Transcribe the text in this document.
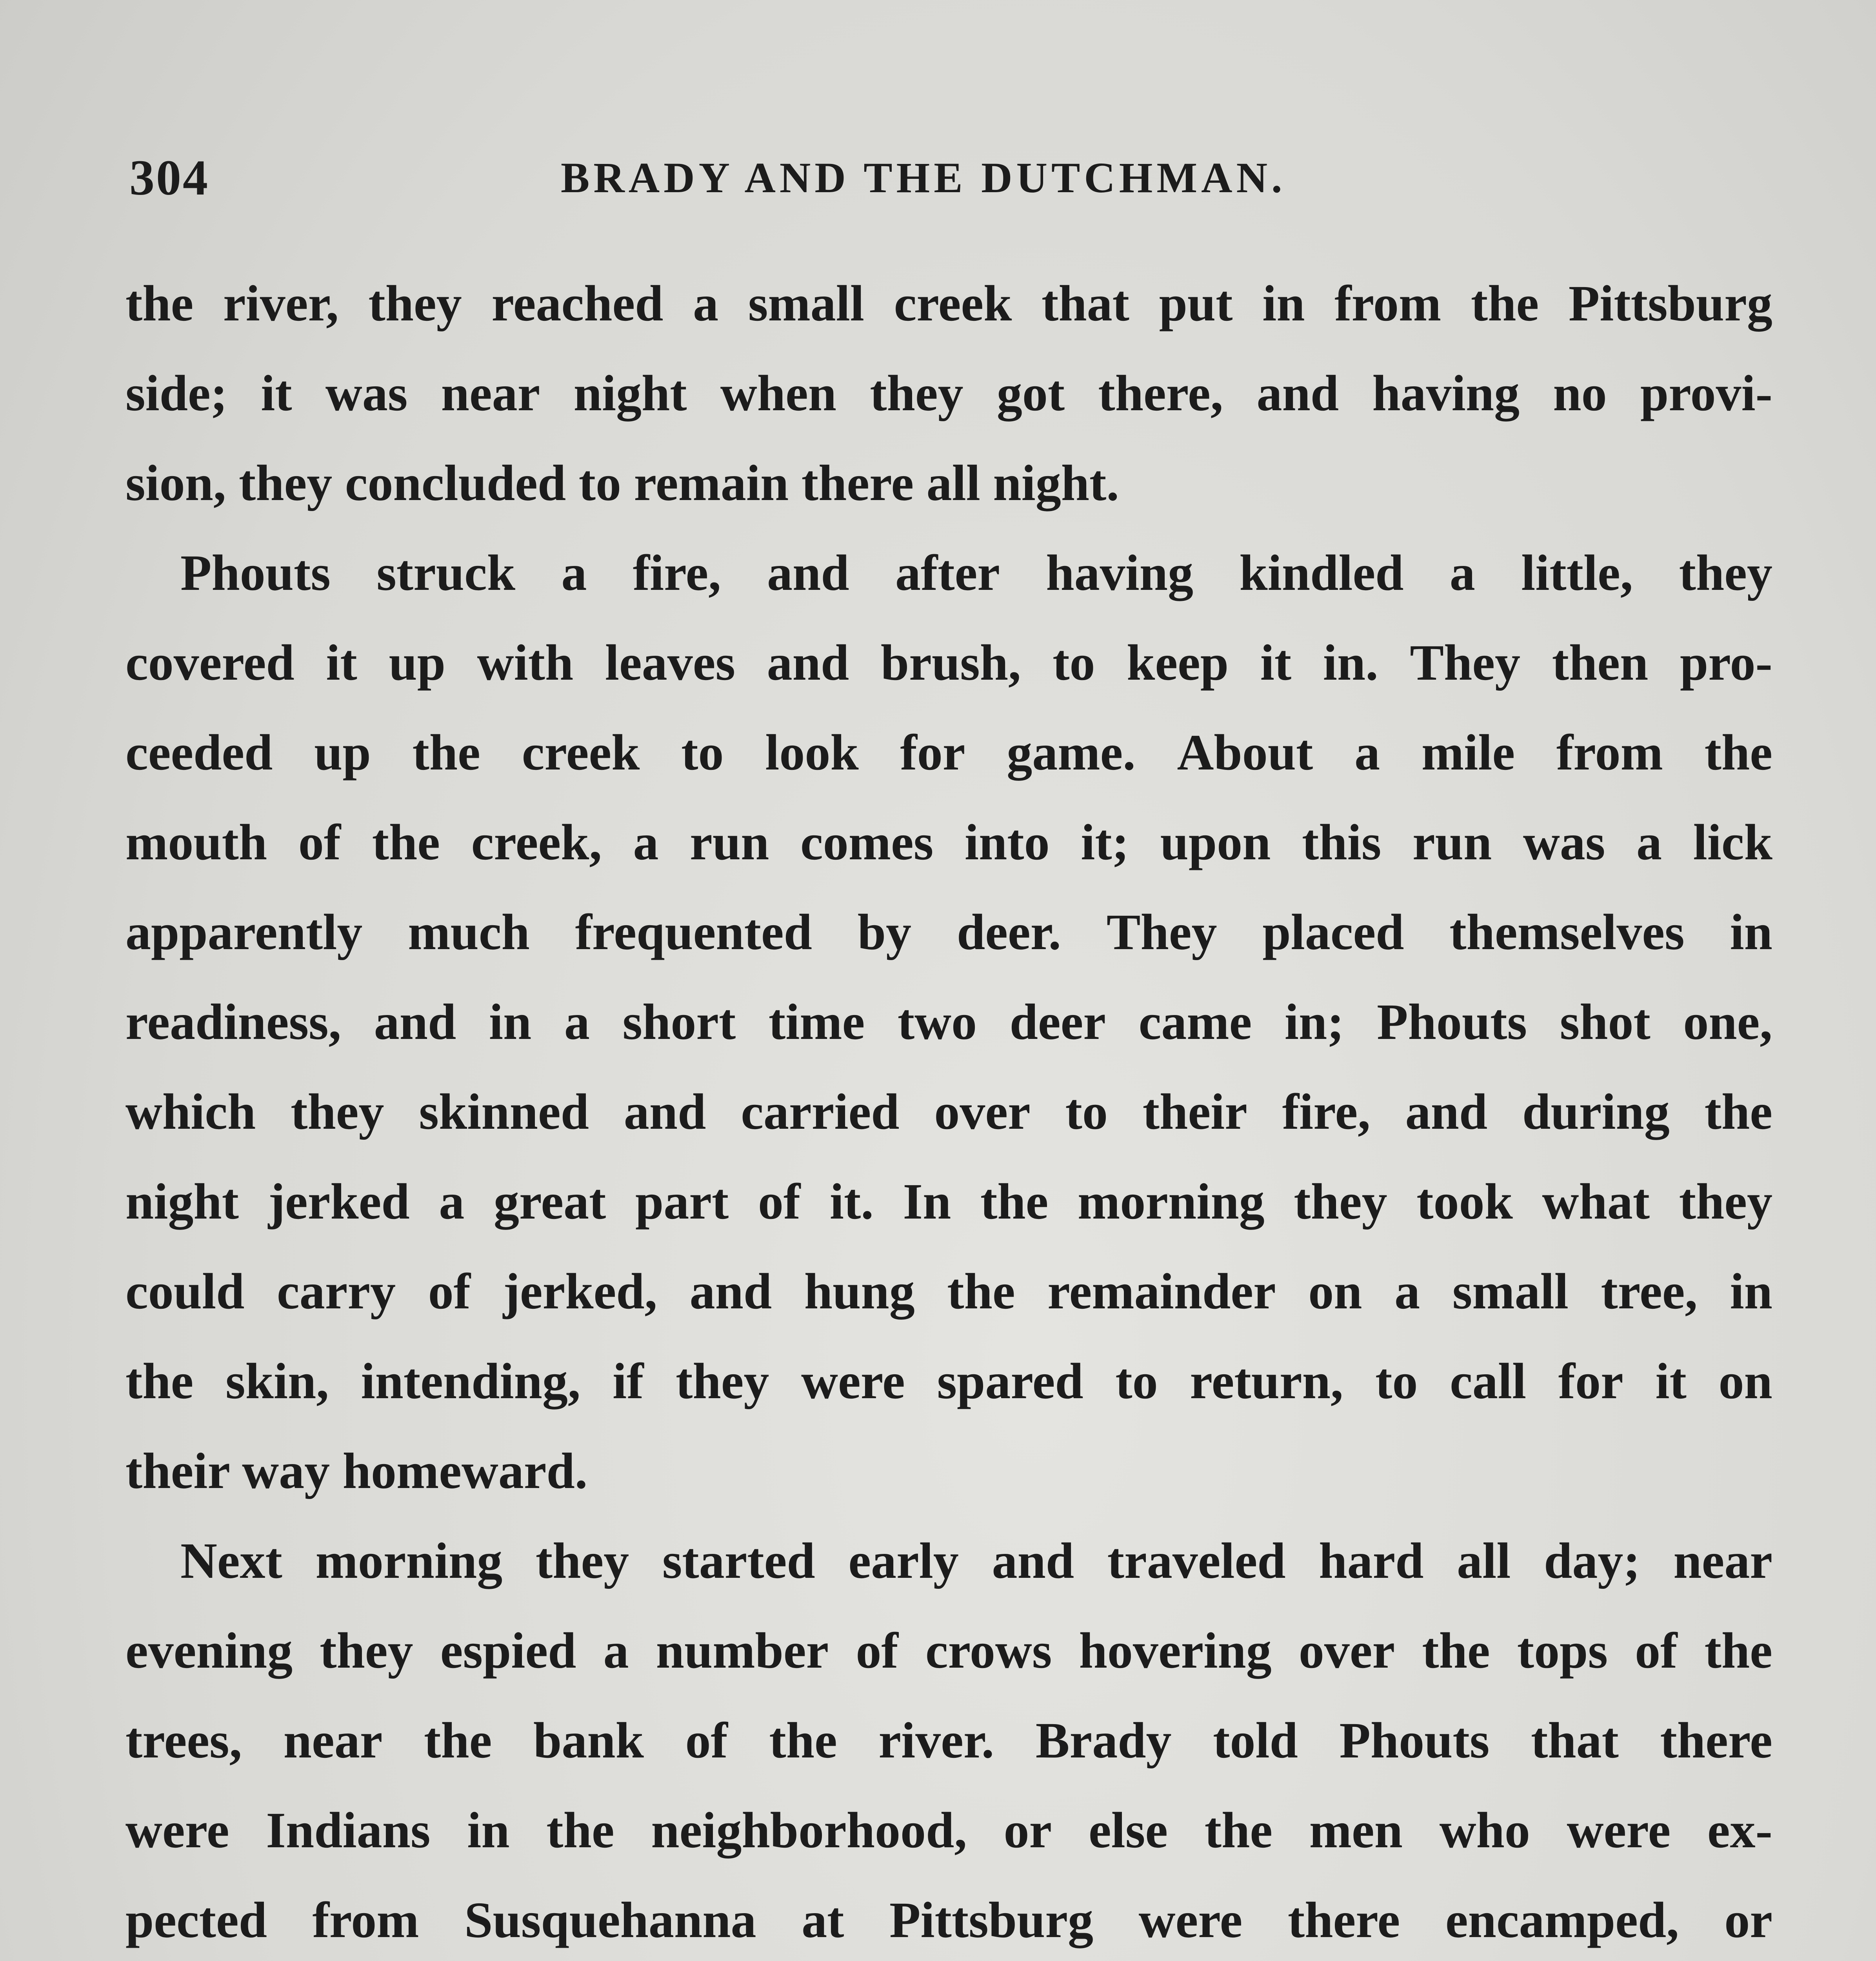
304	BRADY AND THE DUTCHMAN.
the river, they reached a small creek that put in from the Pittsburg
side; it was near night when they got there, and having no provi-
sion, they concluded to remain there all night.
Phouts struck a fire, and after having kindled a little, they
covered it up with leaves and brush, to keep it in. They then pro-
ceeded up the creek to look for game. About a mile from the
mouth of the creek, a run comes into it; upon this run was a lick
apparently much frequented by deer. They placed themselves in
readiness, and in a short time two deer came in; Phouts shot one,
which they skinned and carried over to their fire, and during the
night jerked a great part of it. In the morning they took what they
could carry of jerked, and hung the remainder on a small tree, in
the skin, intending, if they were spared to return, to call for it on
their way homeward.
Next morning they started early and traveled hard all day; near
evening they espied a number of crows hovering over the tops of the
trees, near the bank of the river. Brady told Phouts that there
were Indians in the neighborhood, or else the men who were ex-
pected from Susquehanna at Pittsburg were there encamped, or
